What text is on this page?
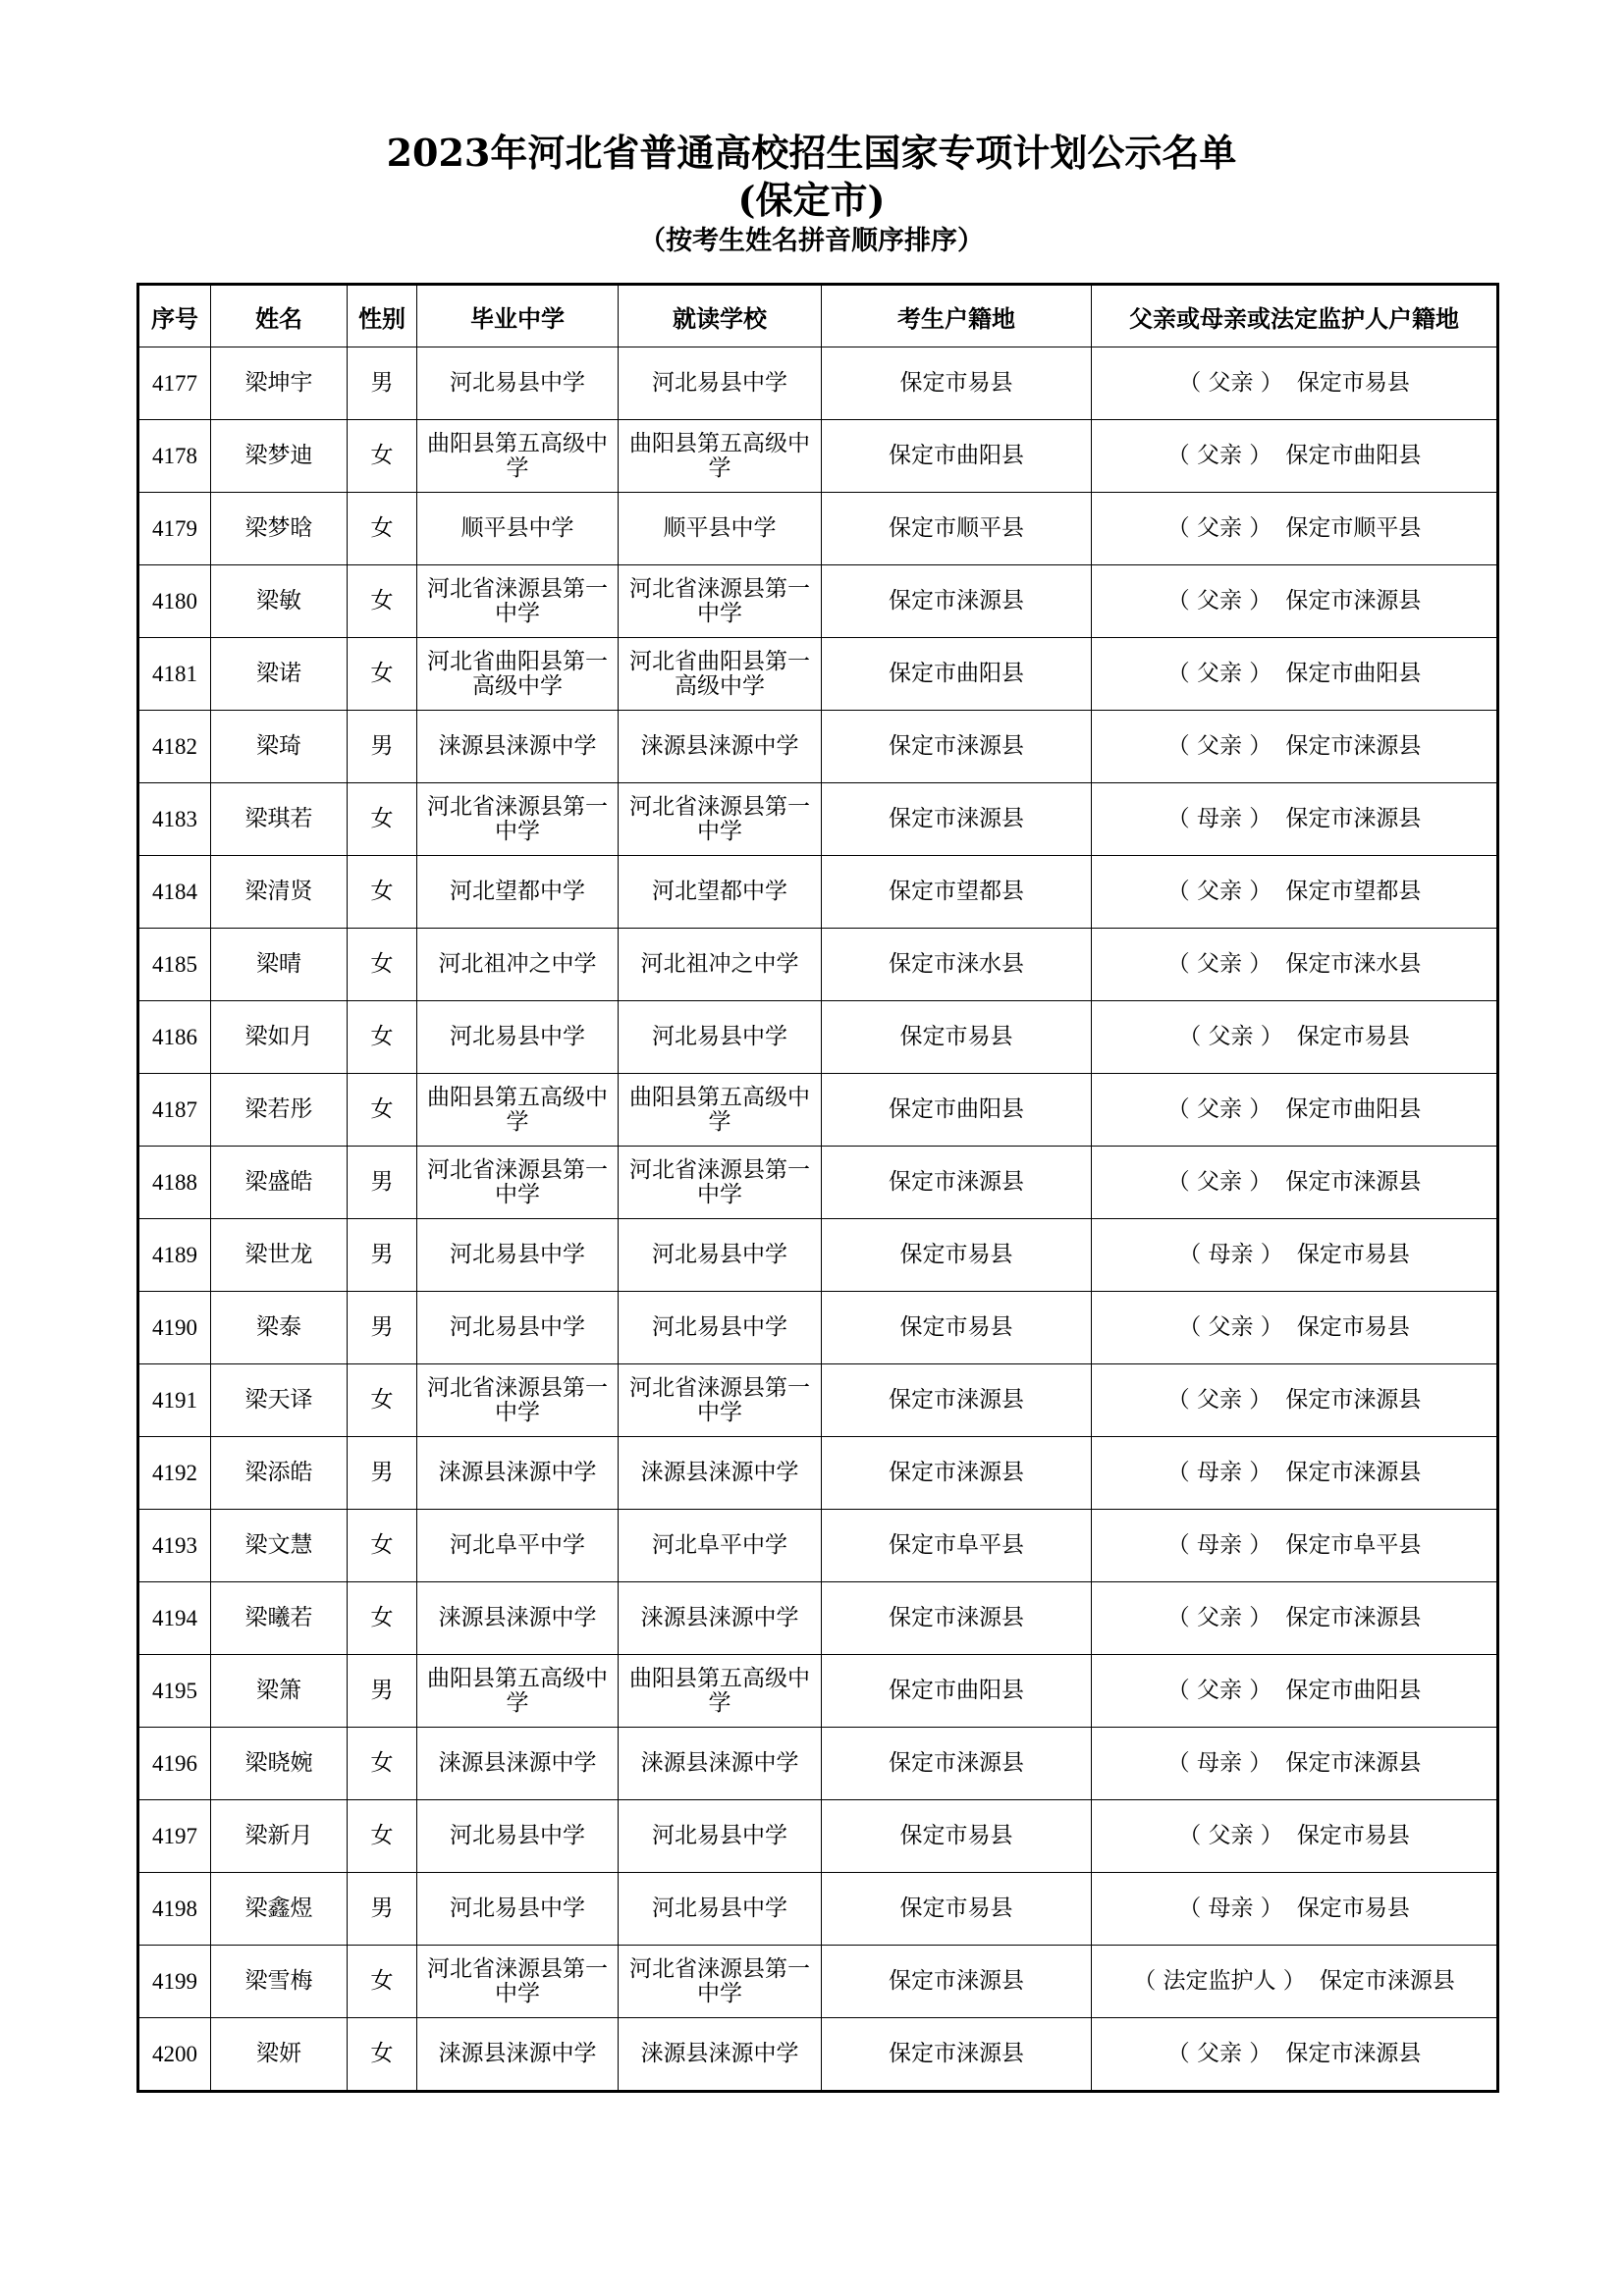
2023年河北省普通高校招生国家专项计划公示名单
(保定市)
（按考生姓名拼音顺序排序）
序号	姓名	性别	毕业中学	就读学校	考生户籍地	父亲或母亲或法定监护人户籍地
4177	梁坤宇	男	河北易县中学	河北易县中学	保定市易县	（ 父亲 ） 保定市易县
4178	梁梦迪	女	曲阳县第五高级中学	曲阳县第五高级中学	保定市曲阳县	（ 父亲 ） 保定市曲阳县
4179	梁梦晗	女	顺平县中学	顺平县中学	保定市顺平县	（ 父亲 ） 保定市顺平县
4180	梁敏	女	河北省涞源县第一中学	河北省涞源县第一中学	保定市涞源县	（ 父亲 ） 保定市涞源县
4181	梁诺	女	河北省曲阳县第一高级中学	河北省曲阳县第一高级中学	保定市曲阳县	（ 父亲 ） 保定市曲阳县
4182	梁琦	男	涞源县涞源中学	涞源县涞源中学	保定市涞源县	（ 父亲 ） 保定市涞源县
4183	梁琪若	女	河北省涞源县第一中学	河北省涞源县第一中学	保定市涞源县	（ 母亲 ） 保定市涞源县
4184	梁清贤	女	河北望都中学	河北望都中学	保定市望都县	（ 父亲 ） 保定市望都县
4185	梁晴	女	河北祖冲之中学	河北祖冲之中学	保定市涞水县	（ 父亲 ） 保定市涞水县
4186	梁如月	女	河北易县中学	河北易县中学	保定市易县	（ 父亲 ） 保定市易县
4187	梁若彤	女	曲阳县第五高级中学	曲阳县第五高级中学	保定市曲阳县	（ 父亲 ） 保定市曲阳县
4188	梁盛皓	男	河北省涞源县第一中学	河北省涞源县第一中学	保定市涞源县	（ 父亲 ） 保定市涞源县
4189	梁世龙	男	河北易县中学	河北易县中学	保定市易县	（ 母亲 ） 保定市易县
4190	梁泰	男	河北易县中学	河北易县中学	保定市易县	（ 父亲 ） 保定市易县
4191	梁天译	女	河北省涞源县第一中学	河北省涞源县第一中学	保定市涞源县	（ 父亲 ） 保定市涞源县
4192	梁添皓	男	涞源县涞源中学	涞源县涞源中学	保定市涞源县	（ 母亲 ） 保定市涞源县
4193	梁文慧	女	河北阜平中学	河北阜平中学	保定市阜平县	（ 母亲 ） 保定市阜平县
4194	梁曦若	女	涞源县涞源中学	涞源县涞源中学	保定市涞源县	（ 父亲 ） 保定市涞源县
4195	梁箫	男	曲阳县第五高级中学	曲阳县第五高级中学	保定市曲阳县	（ 父亲 ） 保定市曲阳县
4196	梁晓婉	女	涞源县涞源中学	涞源县涞源中学	保定市涞源县	（ 母亲 ） 保定市涞源县
4197	梁新月	女	河北易县中学	河北易县中学	保定市易县	（ 父亲 ） 保定市易县
4198	梁鑫煜	男	河北易县中学	河北易县中学	保定市易县	（ 母亲 ） 保定市易县
4199	梁雪梅	女	河北省涞源县第一中学	河北省涞源县第一中学	保定市涞源县	（ 法定监护人 ） 保定市涞源县
4200	梁妍	女	涞源县涞源中学	涞源县涞源中学	保定市涞源县	（ 父亲 ） 保定市涞源县
